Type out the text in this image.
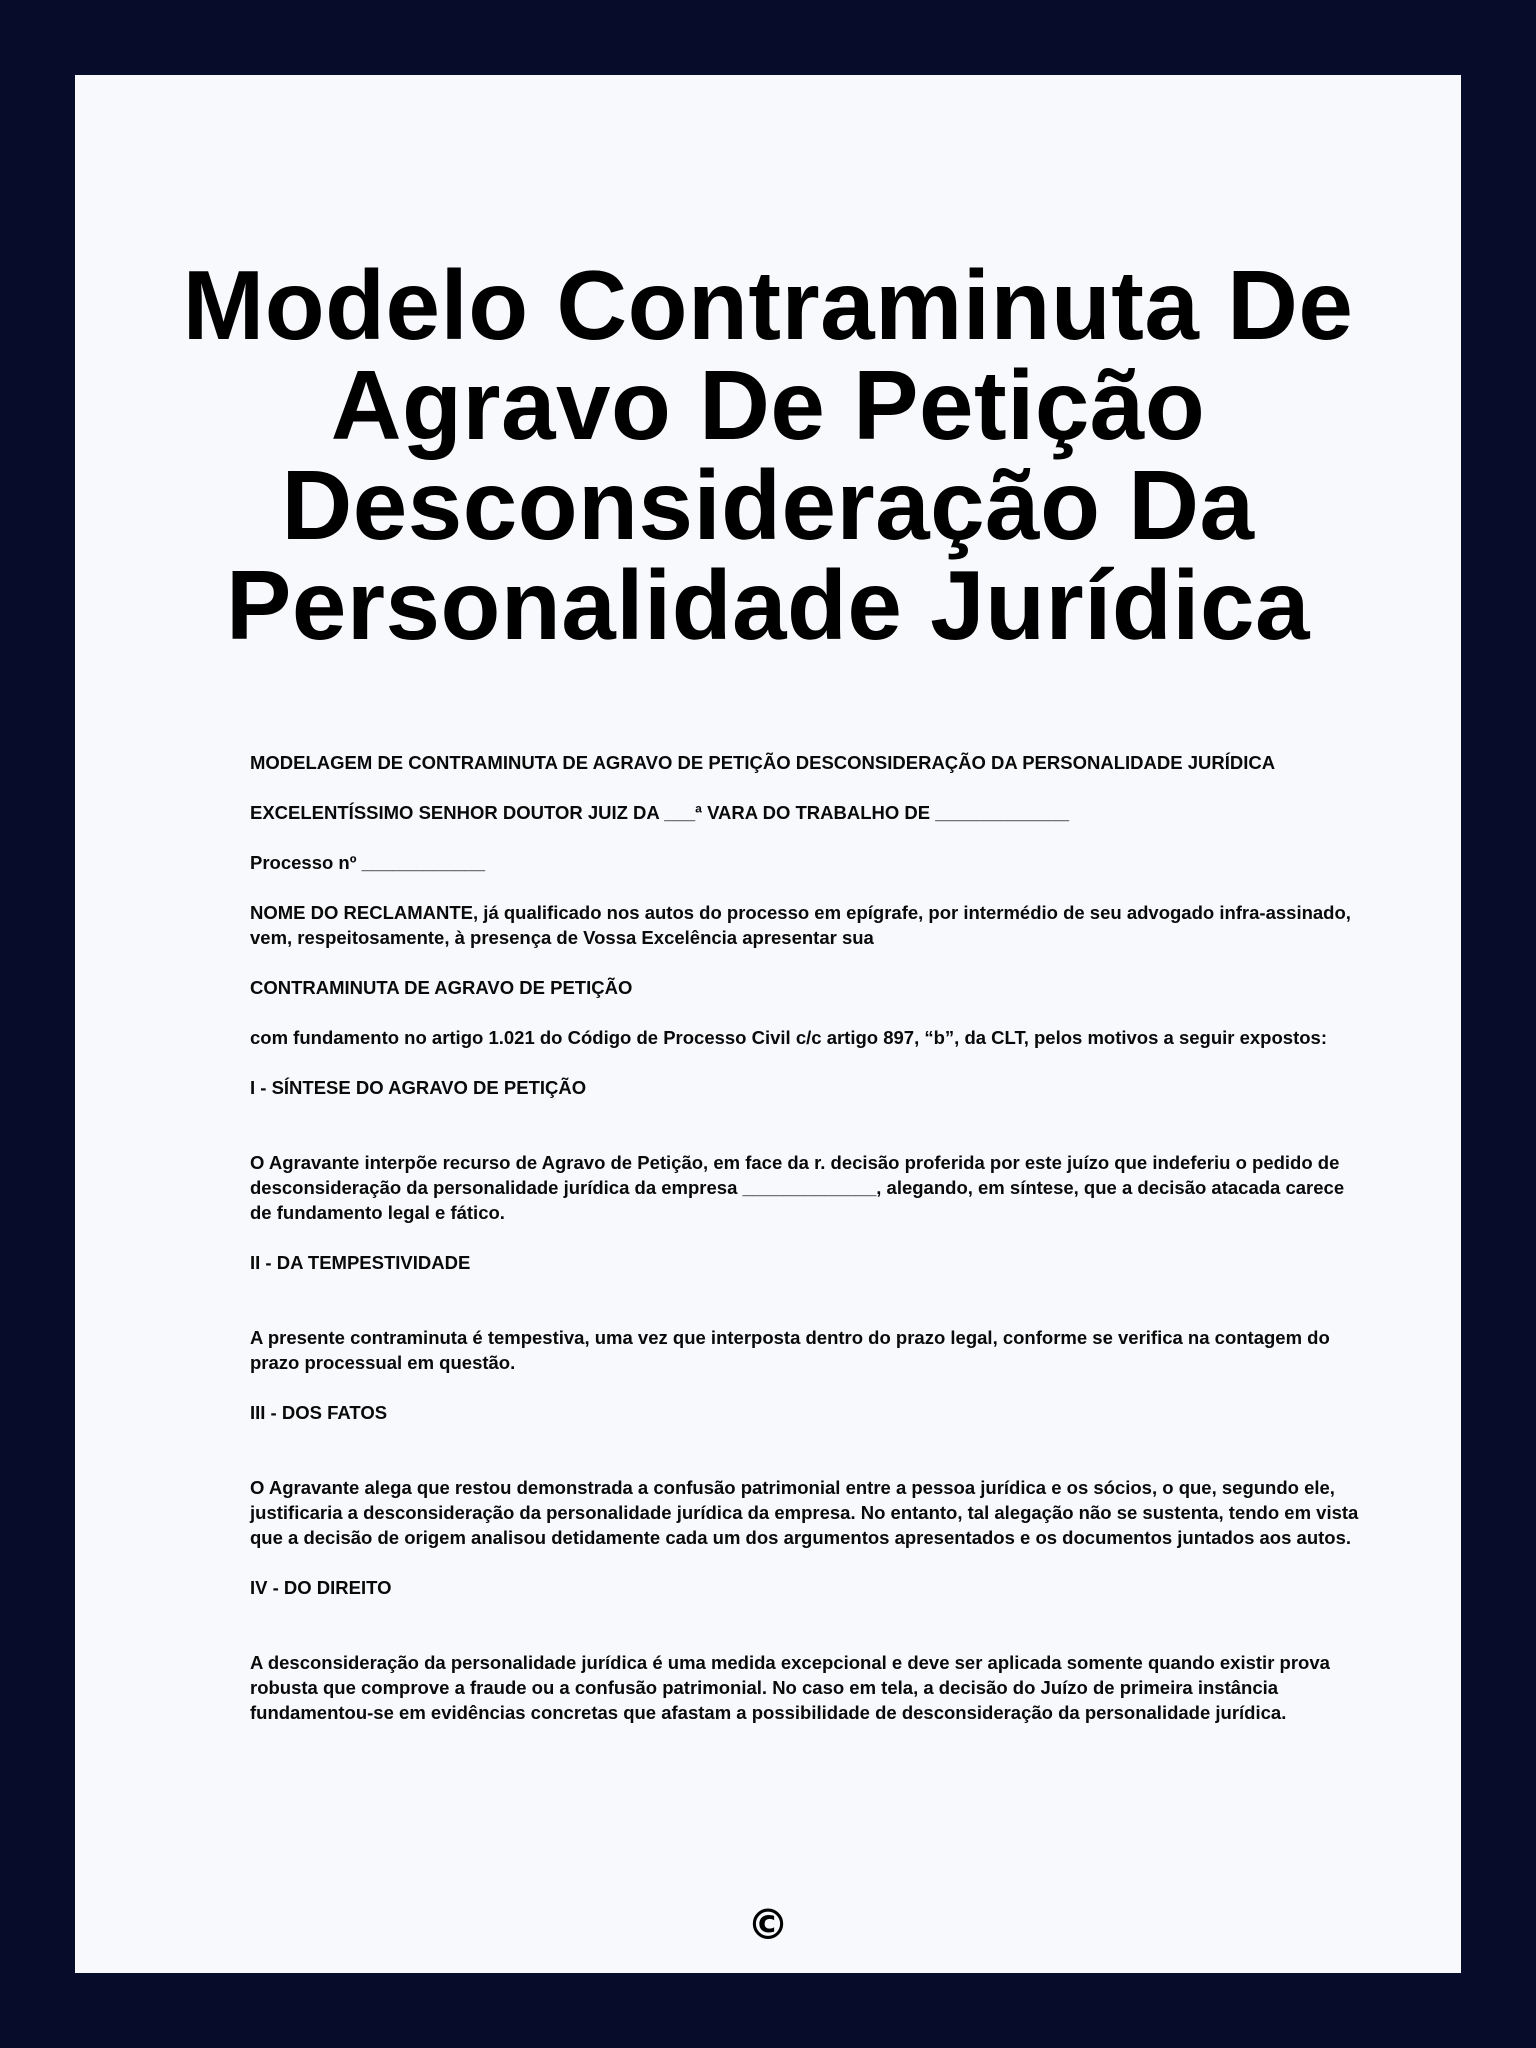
Modelo Contraminuta De Agravo De Petição Desconsideração Da Personalidade Jurídica

MODELAGEM DE CONTRAMINUTA DE AGRAVO DE PETIÇÃO DESCONSIDERAÇÃO DA PERSONALIDADE JURÍDICA

EXCELENTÍSSIMO SENHOR DOUTOR JUIZ DA ___ª VARA DO TRABALHO DE _____________

Processo nº ____________

NOME DO RECLAMANTE, já qualificado nos autos do processo em epígrafe, por intermédio de seu advogado infra-assinado, vem, respeitosamente, à presença de Vossa Excelência apresentar sua

CONTRAMINUTA DE AGRAVO DE PETIÇÃO

com fundamento no artigo 1.021 do Código de Processo Civil c/c artigo 897, “b”, da CLT, pelos motivos a seguir expostos:

I - SÍNTESE DO AGRAVO DE PETIÇÃO

O Agravante interpõe recurso de Agravo de Petição, em face da r. decisão proferida por este juízo que indeferiu o pedido de desconsideração da personalidade jurídica da empresa _____________, alegando, em síntese, que a decisão atacada carece de fundamento legal e fático.

II - DA TEMPESTIVIDADE

A presente contraminuta é tempestiva, uma vez que interposta dentro do prazo legal, conforme se verifica na contagem do prazo processual em questão.

III - DOS FATOS

O Agravante alega que restou demonstrada a confusão patrimonial entre a pessoa jurídica e os sócios, o que, segundo ele, justificaria a desconsideração da personalidade jurídica da empresa. No entanto, tal alegação não se sustenta, tendo em vista que a decisão de origem analisou detidamente cada um dos argumentos apresentados e os documentos juntados aos autos.

IV - DO DIREITO

A desconsideração da personalidade jurídica é uma medida excepcional e deve ser aplicada somente quando existir prova robusta que comprove a fraude ou a confusão patrimonial. No caso em tela, a decisão do Juízo de primeira instância fundamentou-se em evidências concretas que afastam a possibilidade de desconsideração da personalidade jurídica.

©
